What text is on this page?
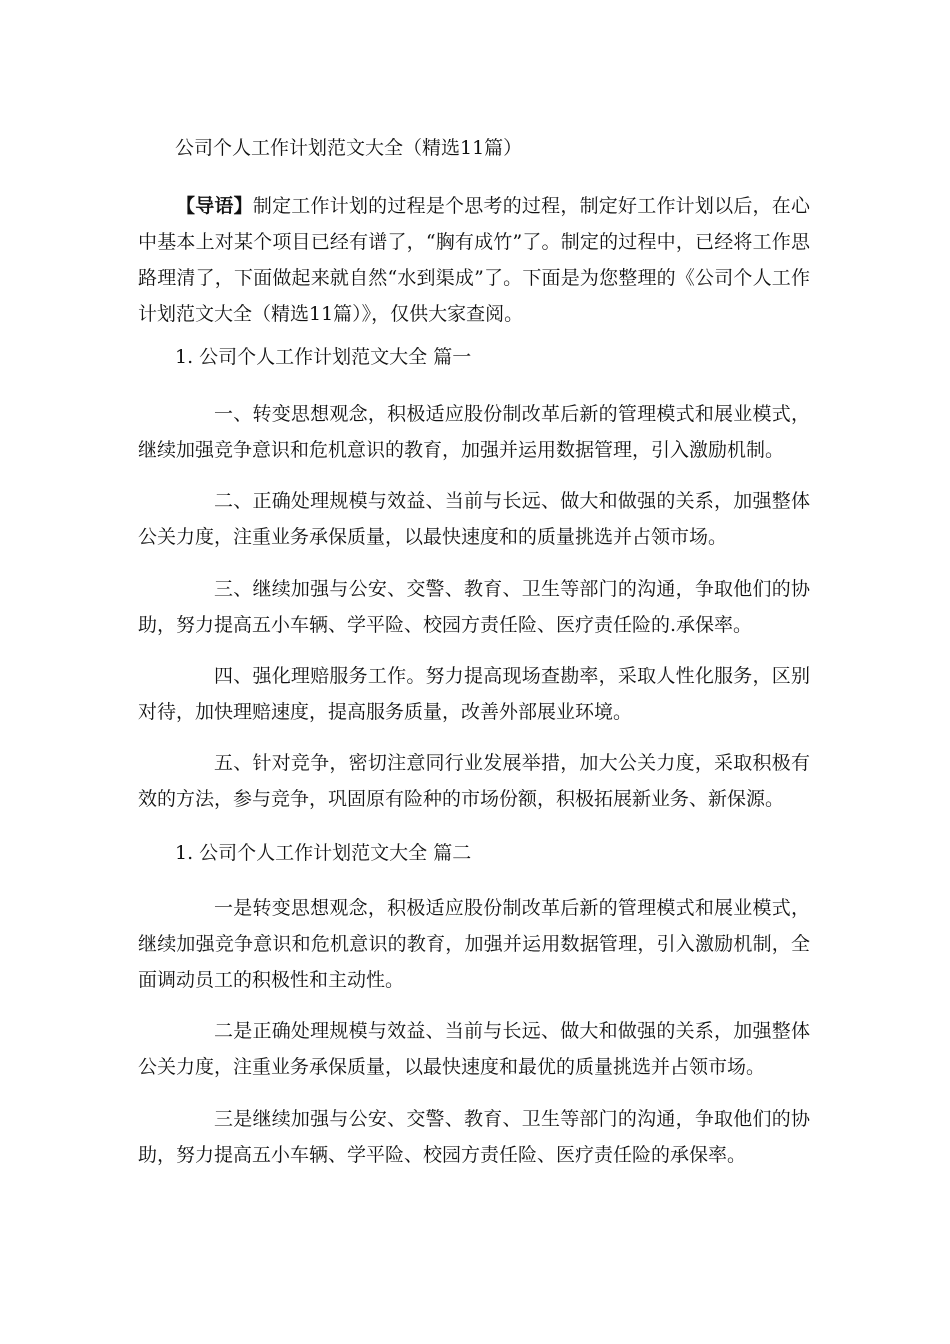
公司个人工作计划范文大全（精选11篇）
【导语】制定工作计划的过程是个思考的过程，制定好工作计划以后，在心中基本上对某个项目已经有谱了，“胸有成竹”了。制定的过程中，已经将工作思路理清了，下面做起来就自然“水到渠成”了。下面是为您整理的《公司个人工作计划范文大全（精选11篇）》，仅供大家查阅。
1. 公司个人工作计划范文大全 篇一
一、转变思想观念，积极适应股份制改革后新的管理模式和展业模式，继续加强竞争意识和危机意识的教育，加强并运用数据管理，引入激励机制。
二、正确处理规模与效益、当前与长远、做大和做强的关系，加强整体公关力度，注重业务承保质量，以最快速度和的质量挑选并占领市场。
三、继续加强与公安、交警、教育、卫生等部门的沟通，争取他们的协助，努力提高五小车辆、学平险、校园方责任险、医疗责任险的.承保率。
四、强化理赔服务工作。努力提高现场查勘率，采取人性化服务，区别对待，加快理赔速度，提高服务质量，改善外部展业环境。
五、针对竞争，密切注意同行业发展举措，加大公关力度，采取积极有效的方法，参与竞争，巩固原有险种的市场份额，积极拓展新业务、新保源。
1. 公司个人工作计划范文大全 篇二
一是转变思想观念，积极适应股份制改革后新的管理模式和展业模式，继续加强竞争意识和危机意识的教育，加强并运用数据管理，引入激励机制，全面调动员工的积极性和主动性。
二是正确处理规模与效益、当前与长远、做大和做强的关系，加强整体公关力度，注重业务承保质量，以最快速度和最优的质量挑选并占领市场。
三是继续加强与公安、交警、教育、卫生等部门的沟通，争取他们的协助，努力提高五小车辆、学平险、校园方责任险、医疗责任险的承保率。
